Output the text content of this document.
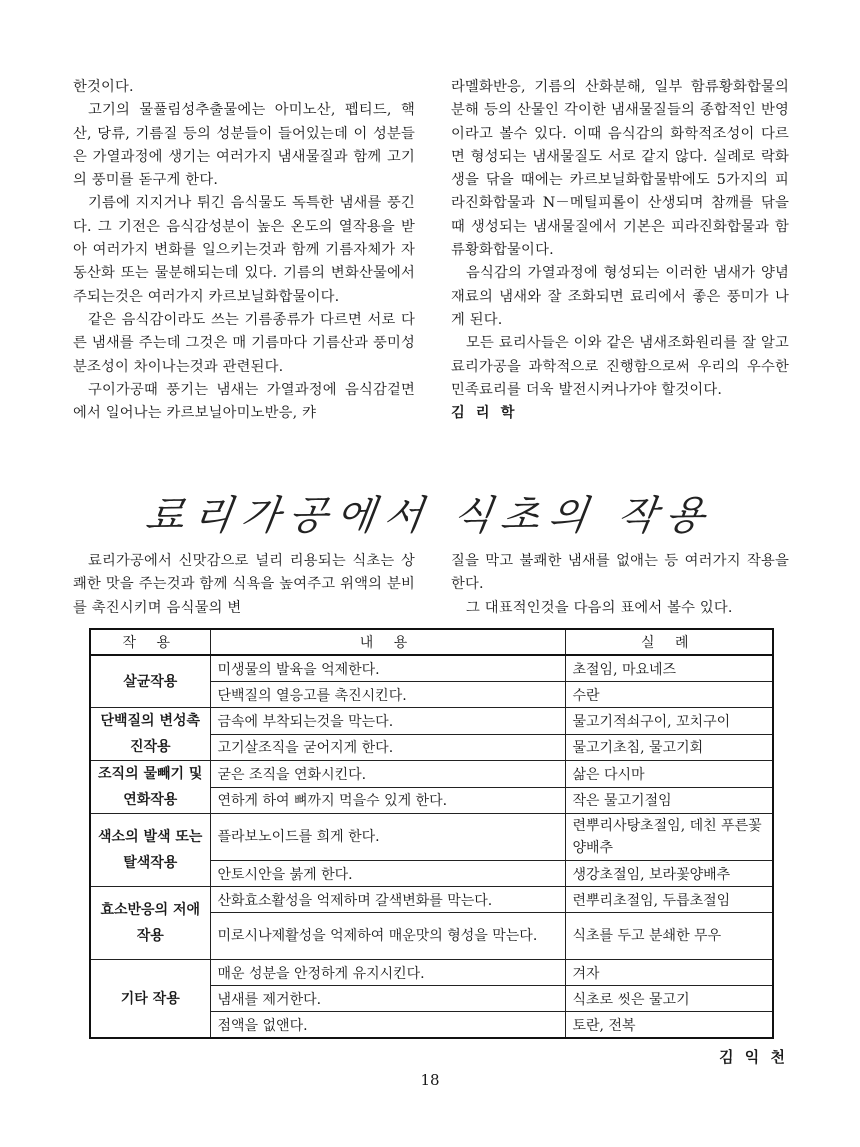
한것이다.

고기의 물풀림성추출물에는 아미노산, 펩티드, 핵산, 당류, 기름질 등의 성분들이 들어있는데 이 성분들은 가열과정에 생기는 여러가지 냄새물질과 함께 고기의 풍미를 돋구게 한다.

기름에 지지거나 튀긴 음식물도 독특한 냄새를 풍긴다. 그 기전은 음식감성분이 높은 온도의 열작용을 받아 여러가지 변화를 일으키는것과 함께 기름자체가 자동산화 또는 물분해되는데 있다. 기름의 변화산물에서 주되는것은 여러가지 카르보닐화합물이다.

같은 음식감이라도 쓰는 기름종류가 다르면 서로 다른 냄새를 주는데 그것은 매 기름마다 기름산과 풍미성분조성이 차이나는것과 관련된다.

구이가공때 풍기는 냄새는 가열과정에 음식감겉면에서 일어나는 카르보닐아미노반응, 캬

라멜화반응, 기름의 산화분해, 일부 함류황화합물의 분해 등의 산물인 각이한 냄새물질들의 종합적인 반영이라고 볼수 있다. 이때 음식감의 화학적조성이 다르면 형성되는 냄새물질도 서로 같지 않다. 실례로 락화생을 닦을 때에는 카르보닐화합물밖에도 5가지의 피라진화합물과 N－메틸피롤이 산생되며 참깨를 닦을 때 생성되는 냄새물질에서 기본은 피라진화합물과 함류황화합물이다.

음식감의 가열과정에 형성되는 이러한 냄새가 양념재료의 냄새와 잘 조화되면 료리에서 좋은 풍미가 나게 된다.

모든 료리사들은 이와 같은 냄새조화원리를 잘 알고 료리가공을 과학적으로 진행함으로써 우리의 우수한 민족료리를 더욱 발전시켜나가야 할것이다.

김 리 학

료리가공에서 식초의 작용

료리가공에서 신맛감으로 널리 리용되는 식초는 상쾌한 맛을 주는것과 함께 식욕을 높여주고 위액의 분비를 촉진시키며 음식물의 변

질을 막고 불쾌한 냄새를 없애는 등 여러가지 작용을 한다.

그 대표적인것을 다음의 표에서 볼수 있다.

작 용	내 용	실 례
살균작용	미생물의 발육을 억제한다.	초절임, 마요네즈
	단백질의 열응고를 촉진시킨다.	수란
단백질의 변성촉진작용	금속에 부착되는것을 막는다.	물고기적쇠구이, 꼬치구이
	고기살조직을 굳어지게 한다.	물고기초침, 물고기회
조직의 물빼기 및 연화작용	굳은 조직을 연화시킨다.	삶은 다시마
	연하게 하여 뼈까지 먹을수 있게 한다.	작은 물고기절임
색소의 발색 또는 탈색작용	플라보노이드를 희게 한다.	련뿌리사탕초절임, 데친 푸른꽃양배추
	안토시안을 붉게 한다.	생강초절임, 보라꽃양배추
효소반응의 저애작용	산화효소활성을 억제하며 갈색변화를 막는다.	련뿌리초절임, 두릅초절임
	미로시나제활성을 억제하여 매운맛의 형성을 막는다.	식초를 두고 분쇄한 무우
기타 작용	매운 성분을 안정하게 유지시킨다.	겨자
	냄새를 제거한다.	식초로 씻은 물고기
	점액을 없앤다.	토란, 전복
김 익 천
18
